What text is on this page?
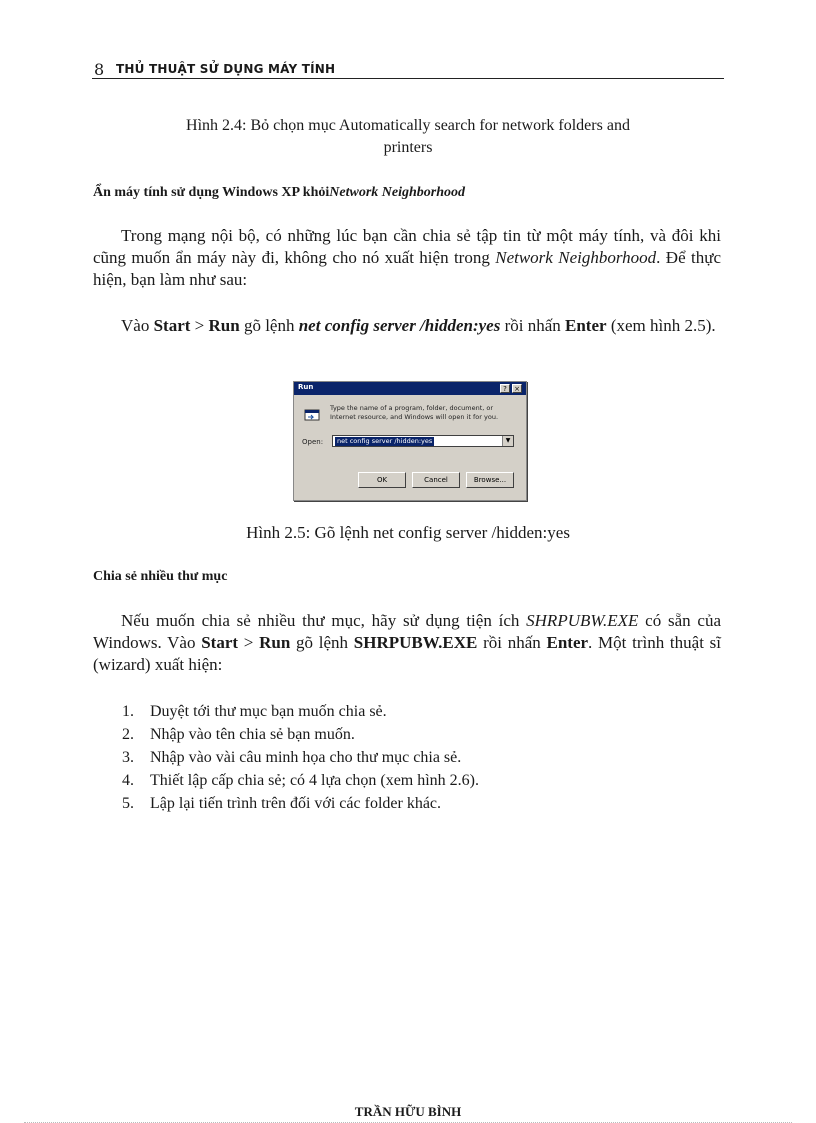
8 THỦ THUẬT SỬ DỤNG MÁY TÍNH
Hình 2.4: Bỏ chọn mục Automatically search for network folders and
printers
Ẩn máy tính sử dụng Windows XP khỏiNetwork Neighborhood
Trong mạng nội bộ, có những lúc bạn cần chia sẻ tập tin từ một máy tính, và đôi khi cũng muốn ẩn máy này đi, không cho nó xuất hiện trong Network Neighborhood. Để thực hiện, bạn làm như sau:
Vào Start > Run gõ lệnh net config server /hidden:yes rồi nhấn Enter (xem hình 2.5).
Run	?	×
Type the name of a program, folder, document, or Internet resource, and Windows will open it for you.
Open:	net config server /hidden:yes	▼
OK	Cancel	Browse...
Hình 2.5: Gõ lệnh net config server /hidden:yes
Chia sẻ nhiều thư mục
Nếu muốn chia sẻ nhiều thư mục, hãy sử dụng tiện ích SHRPUBW.EXE có sẵn của Windows. Vào Start > Run gõ lệnh SHRPUBW.EXE rồi nhấn Enter. Một trình thuật sĩ (wizard) xuất hiện:
1. Duyệt tới thư mục bạn muốn chia sẻ.
2. Nhập vào tên chia sẻ bạn muốn.
3. Nhập vào vài câu minh họa cho thư mục chia sẻ.
4. Thiết lập cấp chia sẻ; có 4 lựa chọn (xem hình 2.6).
5. Lập lại tiến trình trên đối với các folder khác.
TRẦN HỮU BÌNH
